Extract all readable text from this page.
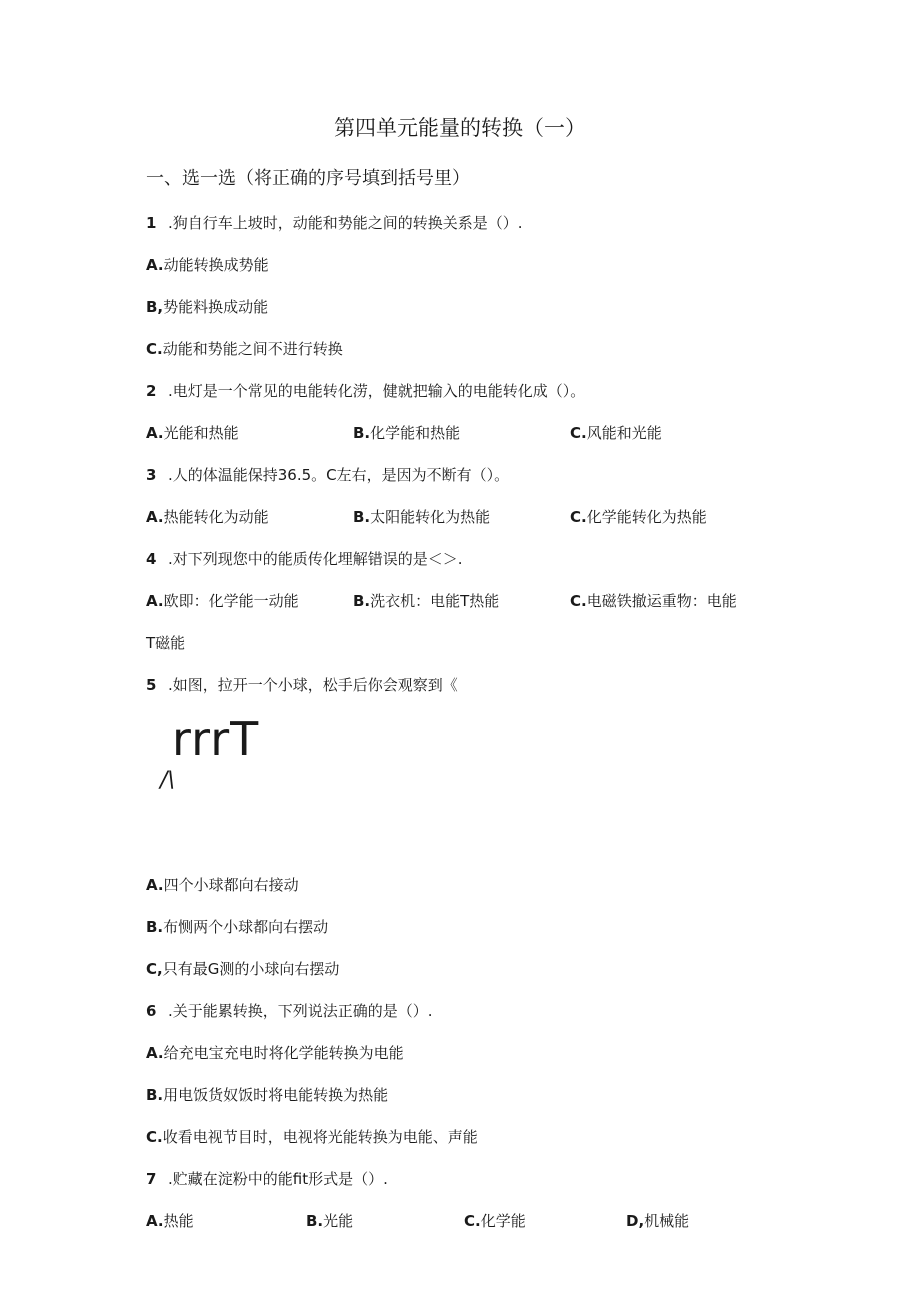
第四单元能量的转换（一）
一、选一选（将正确的序号填到括号里）
1 .狗自行车上坡时，动能和势能之间的转换关系是（）.
A.动能转换成势能
B,势能料换成动能
C.动能和势能之间不进行转换
2 .电灯是一个常见的电能转化涝，健就把输入的电能转化成（）。
A.光能和热能	B.化学能和热能	C.风能和光能
3 .人的体温能保持36.5。C左右，是因为不断有（）。
A.热能转化为动能	B.太阳能转化为热能	C.化学能转化为热能
4 .对下列现您中的能质传化埋解错误的是＜＞.
A.欧即：化学能一动能	B.洗衣机：电能T热能	C.电磁铁撤运重物：电能
T磁能
5 .如图，拉开一个小球，松手后你会观察到《
rrrT
/\
A.四个小球都向右接动
B.布恻两个小球都向右摆动
C,只有最G测的小球向右摆动
6 .关于能累转换，下列说法正确的是（）.
A.给充电宝充电时将化学能转换为电能
B.用电饭货奴饭时将电能转换为热能
C.收看电视节目时，电视将光能转换为电能、声能
7 .贮藏在淀粉中的能fit形式是（）.
A.热能	B.光能	C.化学能	D,机械能
